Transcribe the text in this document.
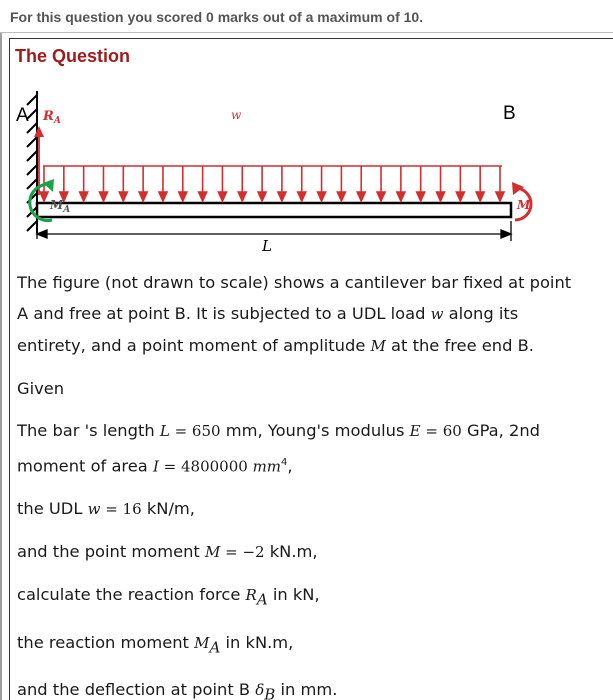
For this question you scored 0 marks out of a maximum of 10.
The Question
A	B
$R_A$	w
$M_A$	M
L
The figure (not drawn to scale) shows a cantilever bar fixed at point
A and free at point B. It is subjected to a UDL load w along its
entirety, and a point moment of amplitude M at the free end B.
Given
The bar 's length L = 650 mm, Young's modulus E = 60 GPa, 2nd
moment of area I = 4800000 $mm^4$,
the UDL w = 16 kN/m,
and the point moment M = −2 kN.m,
calculate the reaction force $R_A$ in kN,
the reaction moment $M_A$ in kN.m,
and the deflection at point B $\delta_B$ in mm.
